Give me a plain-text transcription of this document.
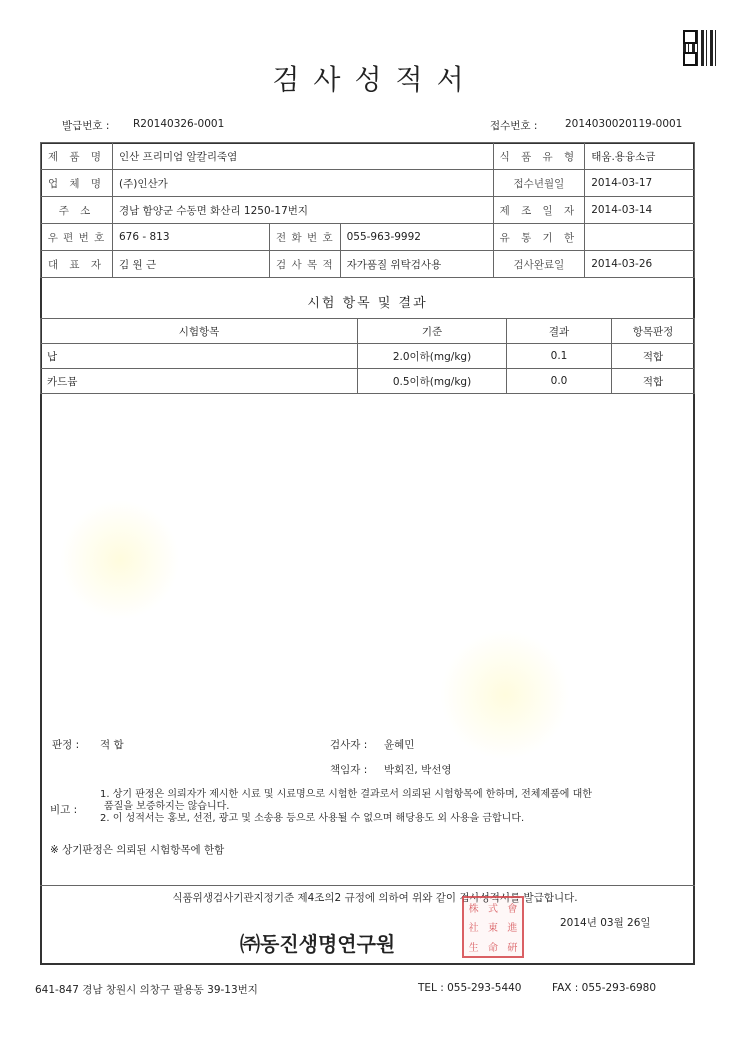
검사성적서
발급번호 : R20140326-0001	접수번호 :	2014030020119-0001
제 품 명	인산 프리미엄 알칼리죽염			식 품 유 형	태움.용융소금
업 체 명	(주)인산가			접수년월일	2014-03-17
주 소	경남 함양군 수동면 화산리 1250-17번지			제 조 일 자	2014-03-14
우 편 번 호	676 - 813	전 화 번 호	055-963-9992	유 통 기 한	
대 표 자	김 원 근	검 사 목 적	자가품질 위탁검사용	검사완료일	2014-03-26
시험 항목 및 결과
시험항목	기준	결과	항목판정
납	2.0이하(mg/kg)	0.1	적합
카드뮴	0.5이하(mg/kg)	0.0	적합
판정 : 적 합	검사자 : 윤혜민
책임자 : 박회진, 박선영
비고 :
1. 상기 판정은 의뢰자가 제시한 시료 및 시료명으로 시험한 결과로서 의뢰된 시험항목에 한하며, 전체제품에 대한
품질을 보증하지는 않습니다.
2. 이 성적서는 홍보, 선전, 광고 및 소송용 등으로 사용될 수 없으며 해당용도 외 사용을 금합니다.
※ 상기판정은 의뢰된 시험항목에 한함
식품위생검사기관지정기준 제4조의2 규정에 의하여 위와 같이 검사성적서를 발급합니다.
2014년 03월 26일
㈜동진생명연구원
株 式 會
社 東 進
生 命 硏
641-847 경남 창원시 의창구 팔용동 39-13번지	TEL : 055-293-5440	FAX : 055-293-6980
